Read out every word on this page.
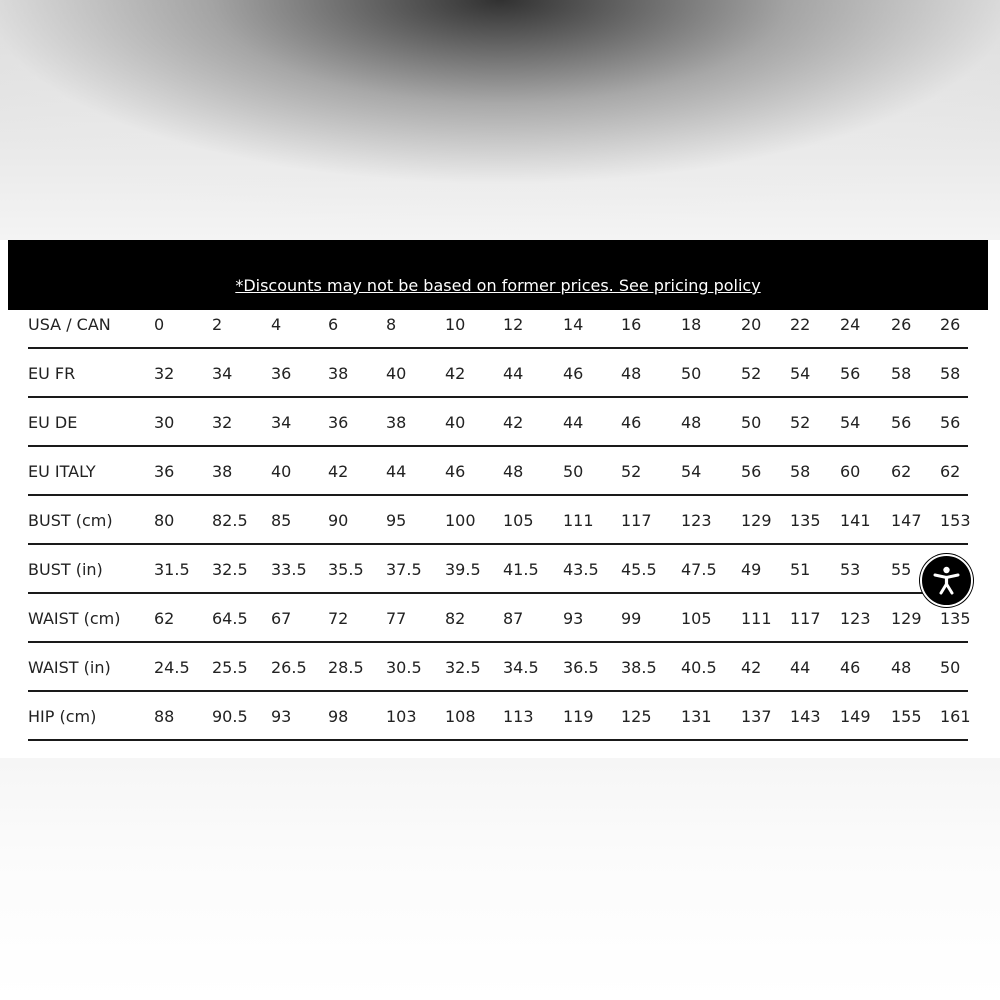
*Discounts may not be based on former prices. See pricing policy
USA / CAN	0	2	4	6	8	10 12 14 16 18 20 22 24 26 26
EU FR	32 34 36 38 40 42 44 46 48 50 52 54 56 58 58
EU DE	30 32 34 36 38 40 42 44 46 48 50 52 54 56 56
EU ITALY	36 38 40 42 44 46 48 50 52 54 56 58 60 62 62
BUST (cm)	80 82.5 85 90 95 100 105 111 117 123 129 135 141 147 153
BUST (in)	31.5 32.5 33.5 35.5 37.5 39.5 41.5 43.5 45.5 47.5 49 51 53 55
WAIST (cm) 62 64.5 67 72 77 82 87 93 99 105 111 117 123 129 135
WAIST (in)	24.5 25.5 26.5 28.5 30.5 32.5 34.5 36.5 38.5 40.5 42 44 46 48 50
HIP (cm)	88 90.5 93 98 103 108 113 119 125 131 137 143 149 155 161
